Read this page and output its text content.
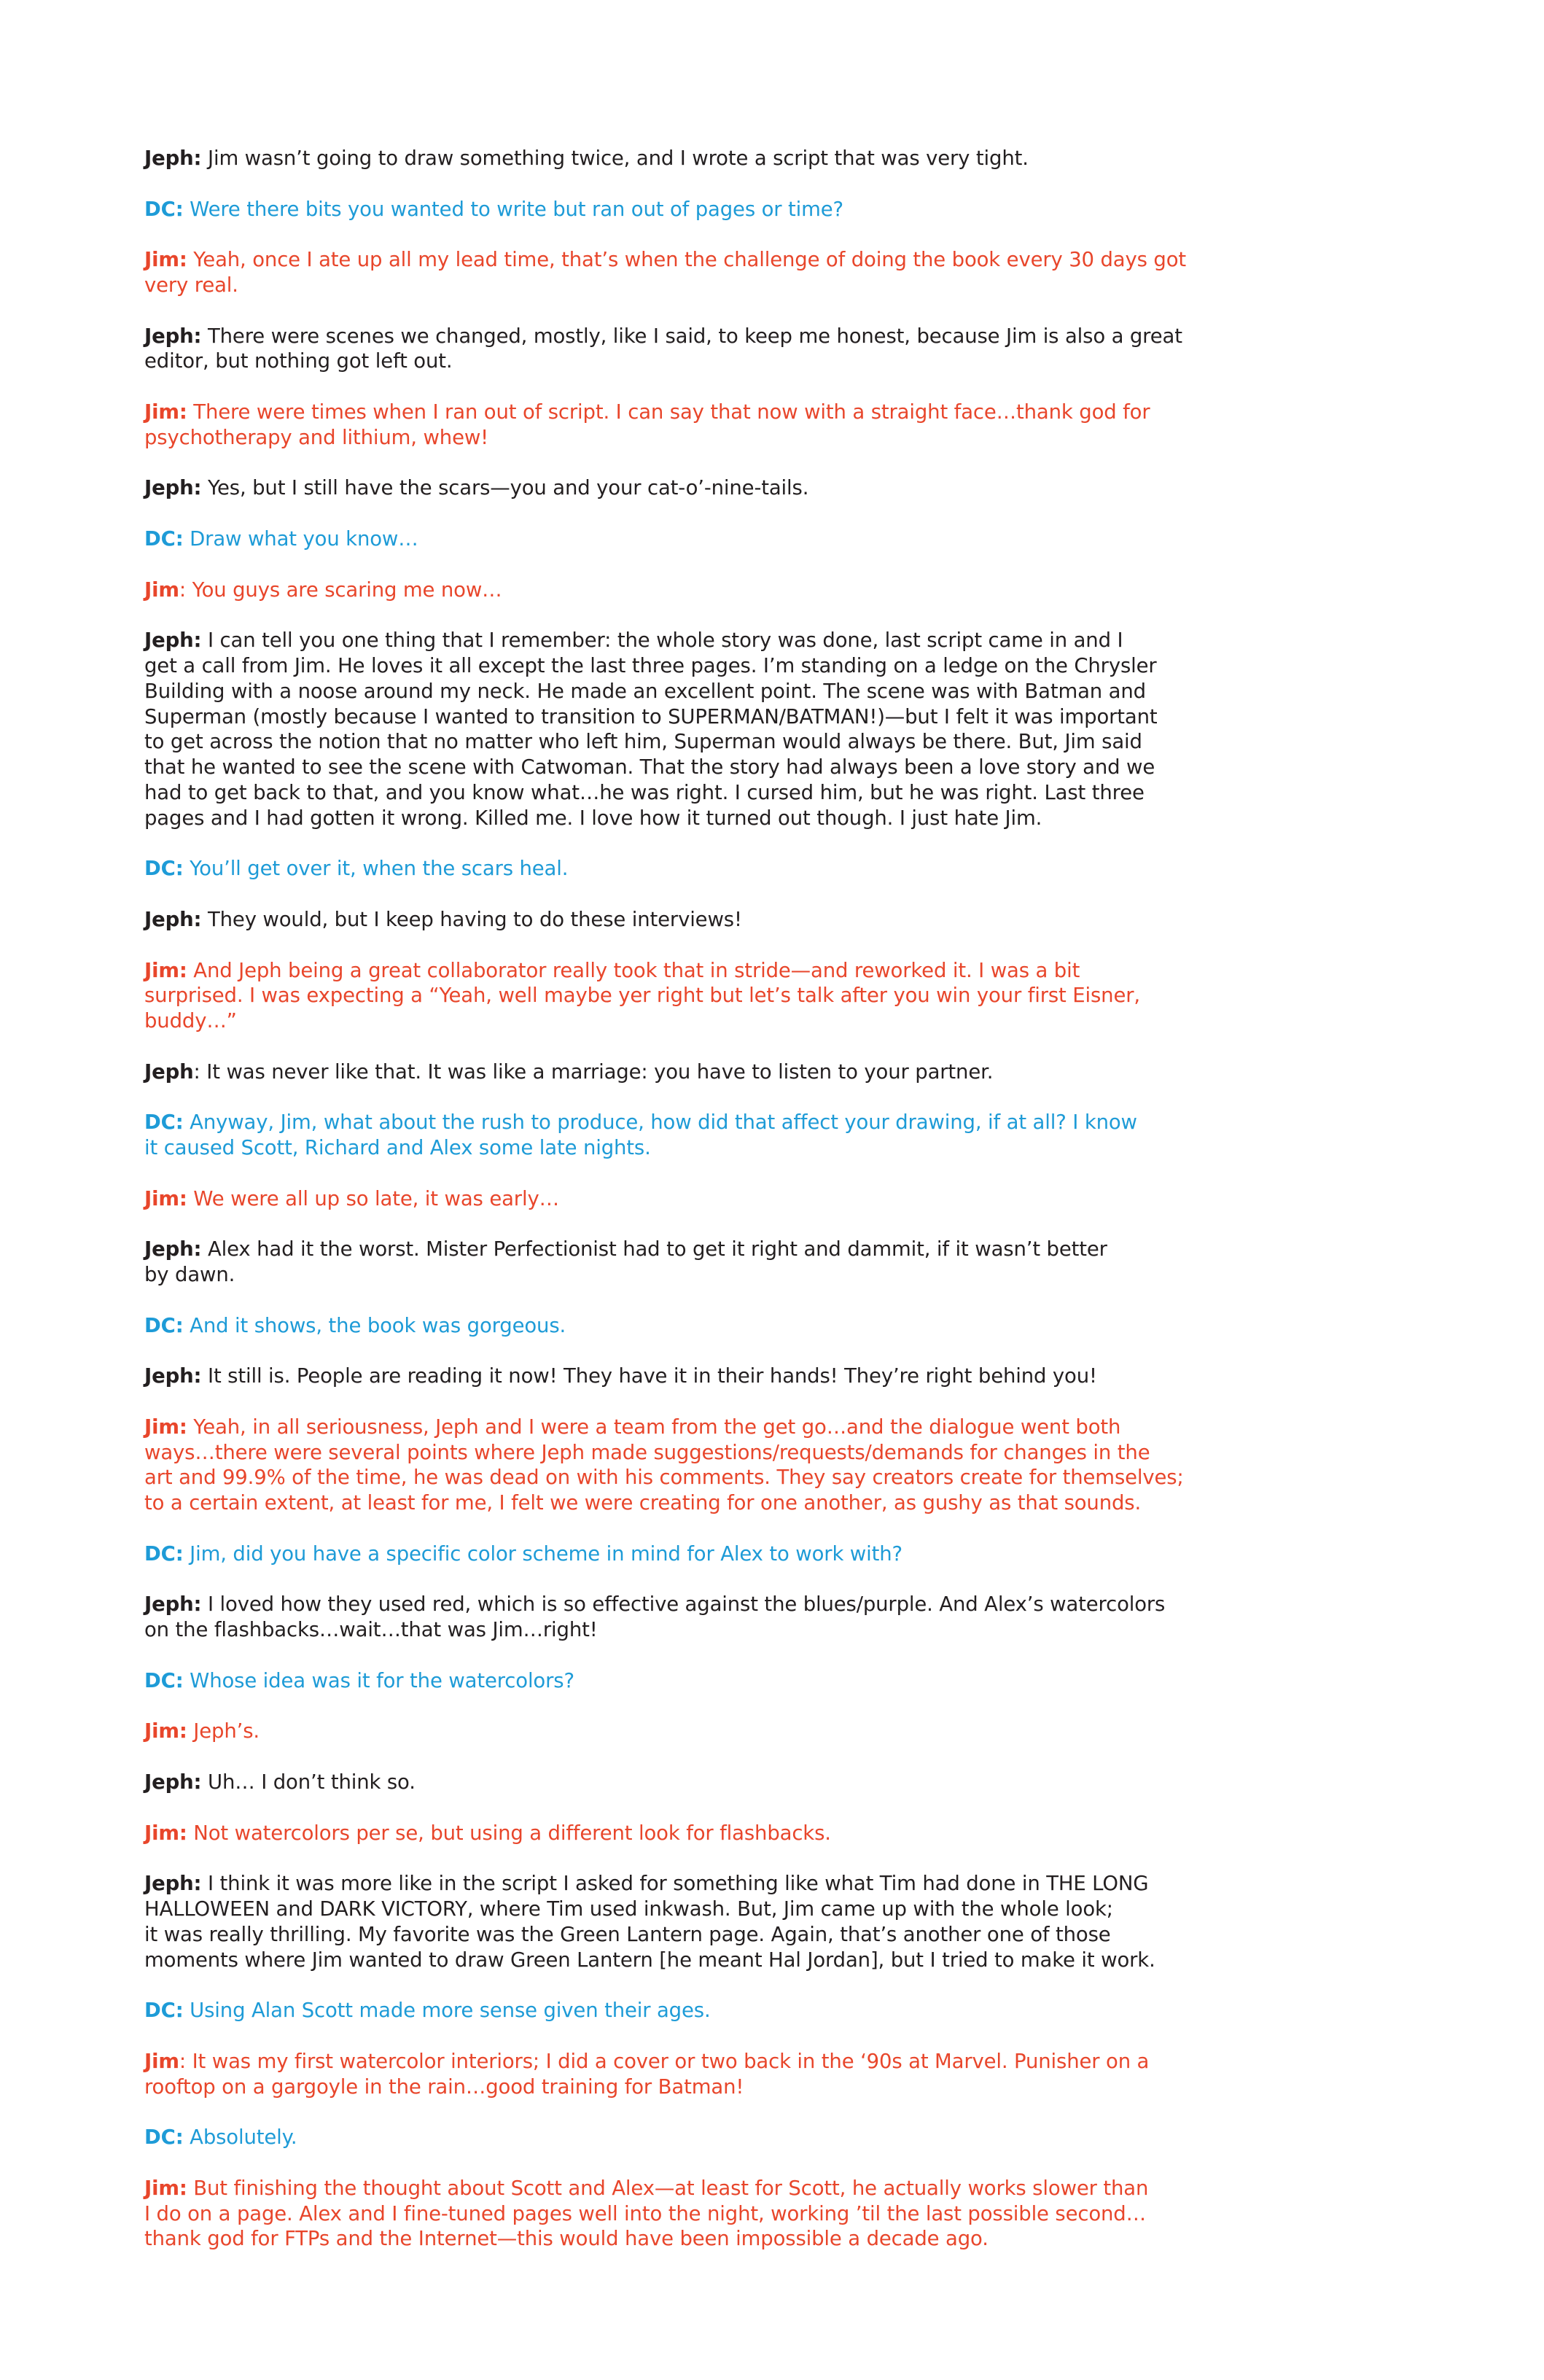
Jeph: Jim wasn’t going to draw something twice, and I wrote a script that was very tight.

DC: Were there bits you wanted to write but ran out of pages or time?

Jim: Yeah, once I ate up all my lead time, that’s when the challenge of doing the book every 30 days got
very real.

Jeph: There were scenes we changed, mostly, like I said, to keep me honest, because Jim is also a great
editor, but nothing got left out.

Jim: There were times when I ran out of script. I can say that now with a straight face…thank god for
psychotherapy and lithium, whew!

Jeph: Yes, but I still have the scars—you and your cat-o’-nine-tails.

DC: Draw what you know…

Jim: You guys are scaring me now…

Jeph: I can tell you one thing that I remember: the whole story was done, last script came in and I
get a call from Jim. He loves it all except the last three pages. I’m standing on a ledge on the Chrysler
Building with a noose around my neck. He made an excellent point. The scene was with Batman and
Superman (mostly because I wanted to transition to SUPERMAN/BATMAN!)—but I felt it was important
to get across the notion that no matter who left him, Superman would always be there. But, Jim said
that he wanted to see the scene with Catwoman. That the story had always been a love story and we
had to get back to that, and you know what…he was right. I cursed him, but he was right. Last three
pages and I had gotten it wrong. Killed me. I love how it turned out though. I just hate Jim.

DC: You’ll get over it, when the scars heal.

Jeph: They would, but I keep having to do these interviews!

Jim: And Jeph being a great collaborator really took that in stride—and reworked it. I was a bit
surprised. I was expecting a “Yeah, well maybe yer right but let’s talk after you win your first Eisner,
buddy…”

Jeph: It was never like that. It was like a marriage: you have to listen to your partner.

DC: Anyway, Jim, what about the rush to produce, how did that affect your drawing, if at all? I know
it caused Scott, Richard and Alex some late nights.

Jim: We were all up so late, it was early…

Jeph: Alex had it the worst. Mister Perfectionist had to get it right and dammit, if it wasn’t better
by dawn.

DC: And it shows, the book was gorgeous.

Jeph: It still is. People are reading it now! They have it in their hands! They’re right behind you!

Jim: Yeah, in all seriousness, Jeph and I were a team from the get go…and the dialogue went both
ways…there were several points where Jeph made suggestions/requests/demands for changes in the
art and 99.9% of the time, he was dead on with his comments. They say creators create for themselves;
to a certain extent, at least for me, I felt we were creating for one another, as gushy as that sounds.

DC: Jim, did you have a specific color scheme in mind for Alex to work with?

Jeph: I loved how they used red, which is so effective against the blues/purple. And Alex’s watercolors
on the flashbacks…wait…that was Jim…right!

DC: Whose idea was it for the watercolors?

Jim: Jeph’s.

Jeph: Uh… I don’t think so.

Jim: Not watercolors per se, but using a different look for flashbacks.

Jeph: I think it was more like in the script I asked for something like what Tim had done in THE LONG
HALLOWEEN and DARK VICTORY, where Tim used inkwash. But, Jim came up with the whole look;
it was really thrilling. My favorite was the Green Lantern page. Again, that’s another one of those
moments where Jim wanted to draw Green Lantern [he meant Hal Jordan], but I tried to make it work.

DC: Using Alan Scott made more sense given their ages.

Jim: It was my first watercolor interiors; I did a cover or two back in the ‘90s at Marvel. Punisher on a
rooftop on a gargoyle in the rain…good training for Batman!

DC: Absolutely.

Jim: But finishing the thought about Scott and Alex—at least for Scott, he actually works slower than
I do on a page. Alex and I fine-tuned pages well into the night, working ’til the last possible second…
thank god for FTPs and the Internet—this would have been impossible a decade ago.
